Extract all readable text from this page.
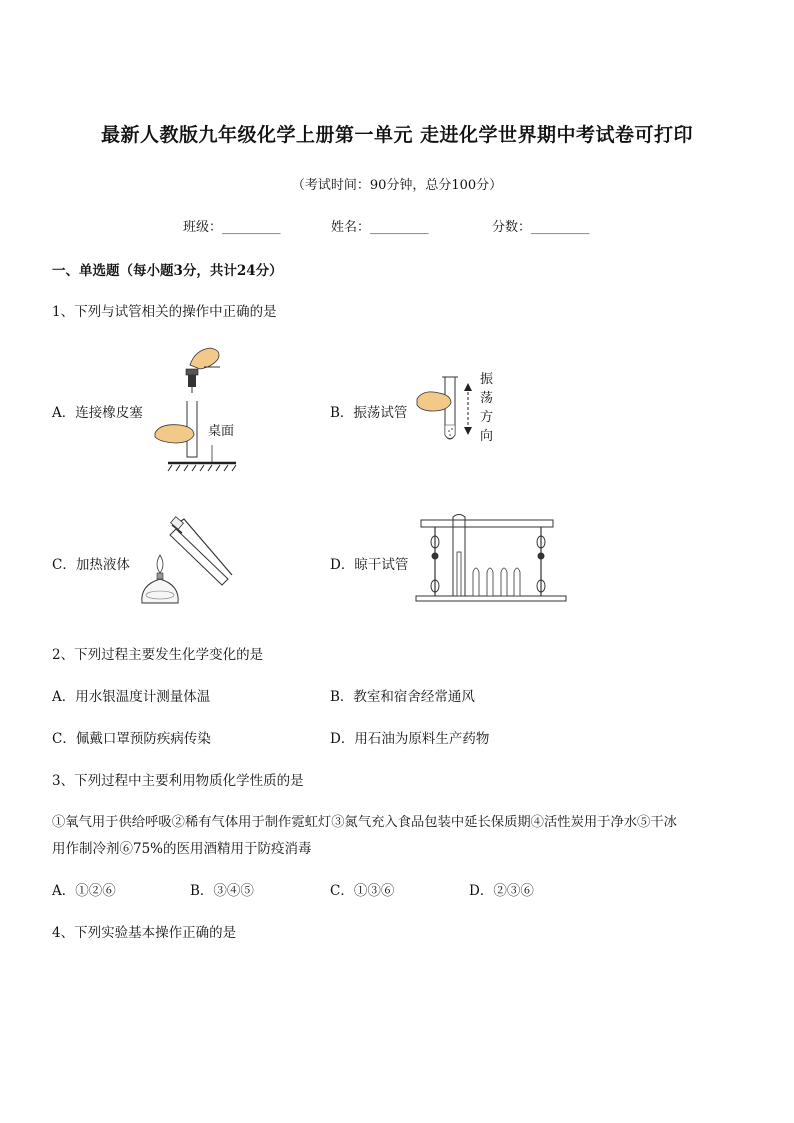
最新人教版九年级化学上册第一单元 走进化学世界期中考试卷可打印
（考试时间：90分钟，总分100分）
班级：_________	姓名：_________	分数：_________
一、单选题（每小题3分，共计24分）
1、下列与试管相关的操作中正确的是
A．连接橡皮塞
桌面
B．振荡试管
振
荡
方
向
C．加热液体	D．晾干试管
2、下列过程主要发生化学变化的是
A．用水银温度计测量体温	B．教室和宿舍经常通风
C．佩戴口罩预防疾病传染	D．用石油为原料生产药物
3、下列过程中主要利用物质化学性质的是
①氧气用于供给呼吸②稀有气体用于制作霓虹灯③氮气充入食品包装中延长保质期④活性炭用于净水⑤干冰
用作制冷剂⑥75%的医用酒精用于防疫消毒
A．①②⑥	B．③④⑤	C．①③⑥	D．②③⑥
4、下列实验基本操作正确的是
